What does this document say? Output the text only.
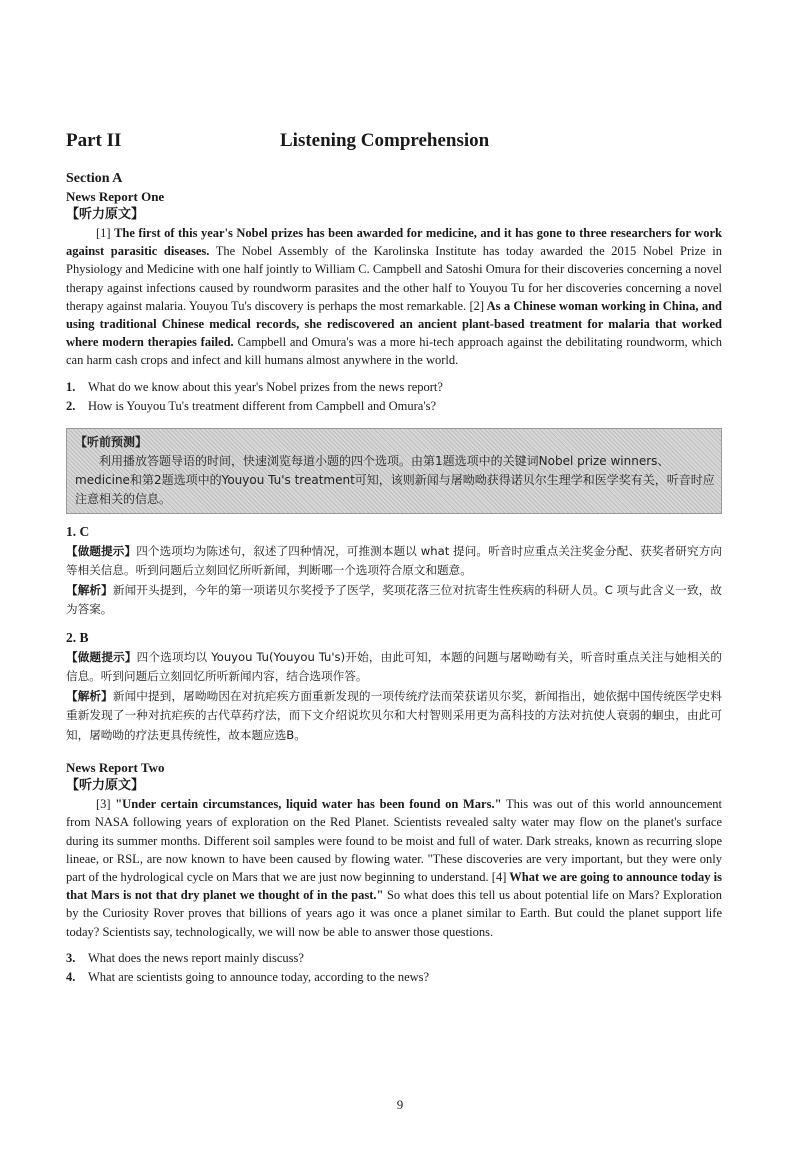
Part II	Listening Comprehension
Section A
News Report One
【听力原文】

[1] The first of this year's Nobel prizes has been awarded for medicine, and it has gone to three researchers for work against parasitic diseases. The Nobel Assembly of the Karolinska Institute has today awarded the 2015 Nobel Prize in Physiology and Medicine with one half jointly to William C. Campbell and Satoshi Omura for their discoveries concerning a novel therapy against infections caused by roundworm parasites and the other half to Youyou Tu for her discoveries concerning a novel therapy against malaria. Youyou Tu's discovery is perhaps the most remarkable. [2] As a Chinese woman working in China, and using traditional Chinese medical records, she rediscovered an ancient plant-based treatment for malaria that worked where modern therapies failed. Campbell and Omura's was a more hi-tech approach against the debilitating roundworm, which can harm cash crops and infect and kill humans almost anywhere in the world.

1. What do we know about this year's Nobel prizes from the news report?
2. How is Youyou Tu's treatment different from Campbell and Omura's?
【听前预测】
利用播放答题导语的时间，快速浏览每道小题的四个选项。由第1题选项中的关键词Nobel prize winners、medicine和第2题选项中的Youyou Tu's treatment可知，该则新闻与屠呦呦获得诺贝尔生理学和医学奖有关，听音时应注意相关的信息。
1. C

【做题提示】四个选项均为陈述句，叙述了四种情况，可推测本题以 what 提问。听音时应重点关注奖金分配、获奖者研究方向等相关信息。听到问题后立刻回忆所听新闻，判断哪一个选项符合原文和题意。

【解析】新闻开头提到，今年的第一项诺贝尔奖授予了医学，奖项花落三位对抗寄生性疾病的科研人员。C 项与此含义一致，故为答案。

2. B

【做题提示】四个选项均以 Youyou Tu(Youyou Tu's)开始，由此可知，本题的问题与屠呦呦有关，听音时重点关注与她相关的信息。听到问题后立刻回忆所听新闻内容，结合选项作答。

【解析】新闻中提到，屠呦呦因在对抗疟疾方面重新发现的一项传统疗法而荣获诺贝尔奖，新闻指出，她依据中国传统医学史料重新发现了一种对抗疟疾的古代草药疗法，而下文介绍说坎贝尔和大村智则采用更为高科技的方法对抗使人衰弱的蛔虫，由此可知，屠呦呦的疗法更具传统性，故本题应选B。

News Report Two
【听力原文】

[3] "Under certain circumstances, liquid water has been found on Mars." This was out of this world announcement from NASA following years of exploration on the Red Planet. Scientists revealed salty water may flow on the planet's surface during its summer months. Different soil samples were found to be moist and full of water. Dark streaks, known as recurring slope lineae, or RSL, are now known to have been caused by flowing water. "These discoveries are very important, but they were only part of the hydrological cycle on Mars that we are just now beginning to understand. [4] What we are going to announce today is that Mars is not that dry planet we thought of in the past." So what does this tell us about potential life on Mars? Exploration by the Curiosity Rover proves that billions of years ago it was once a planet similar to Earth. But could the planet support life today? Scientists say, technologically, we will now be able to answer those questions.

3. What does the news report mainly discuss?
4. What are scientists going to announce today, according to the news?
9
